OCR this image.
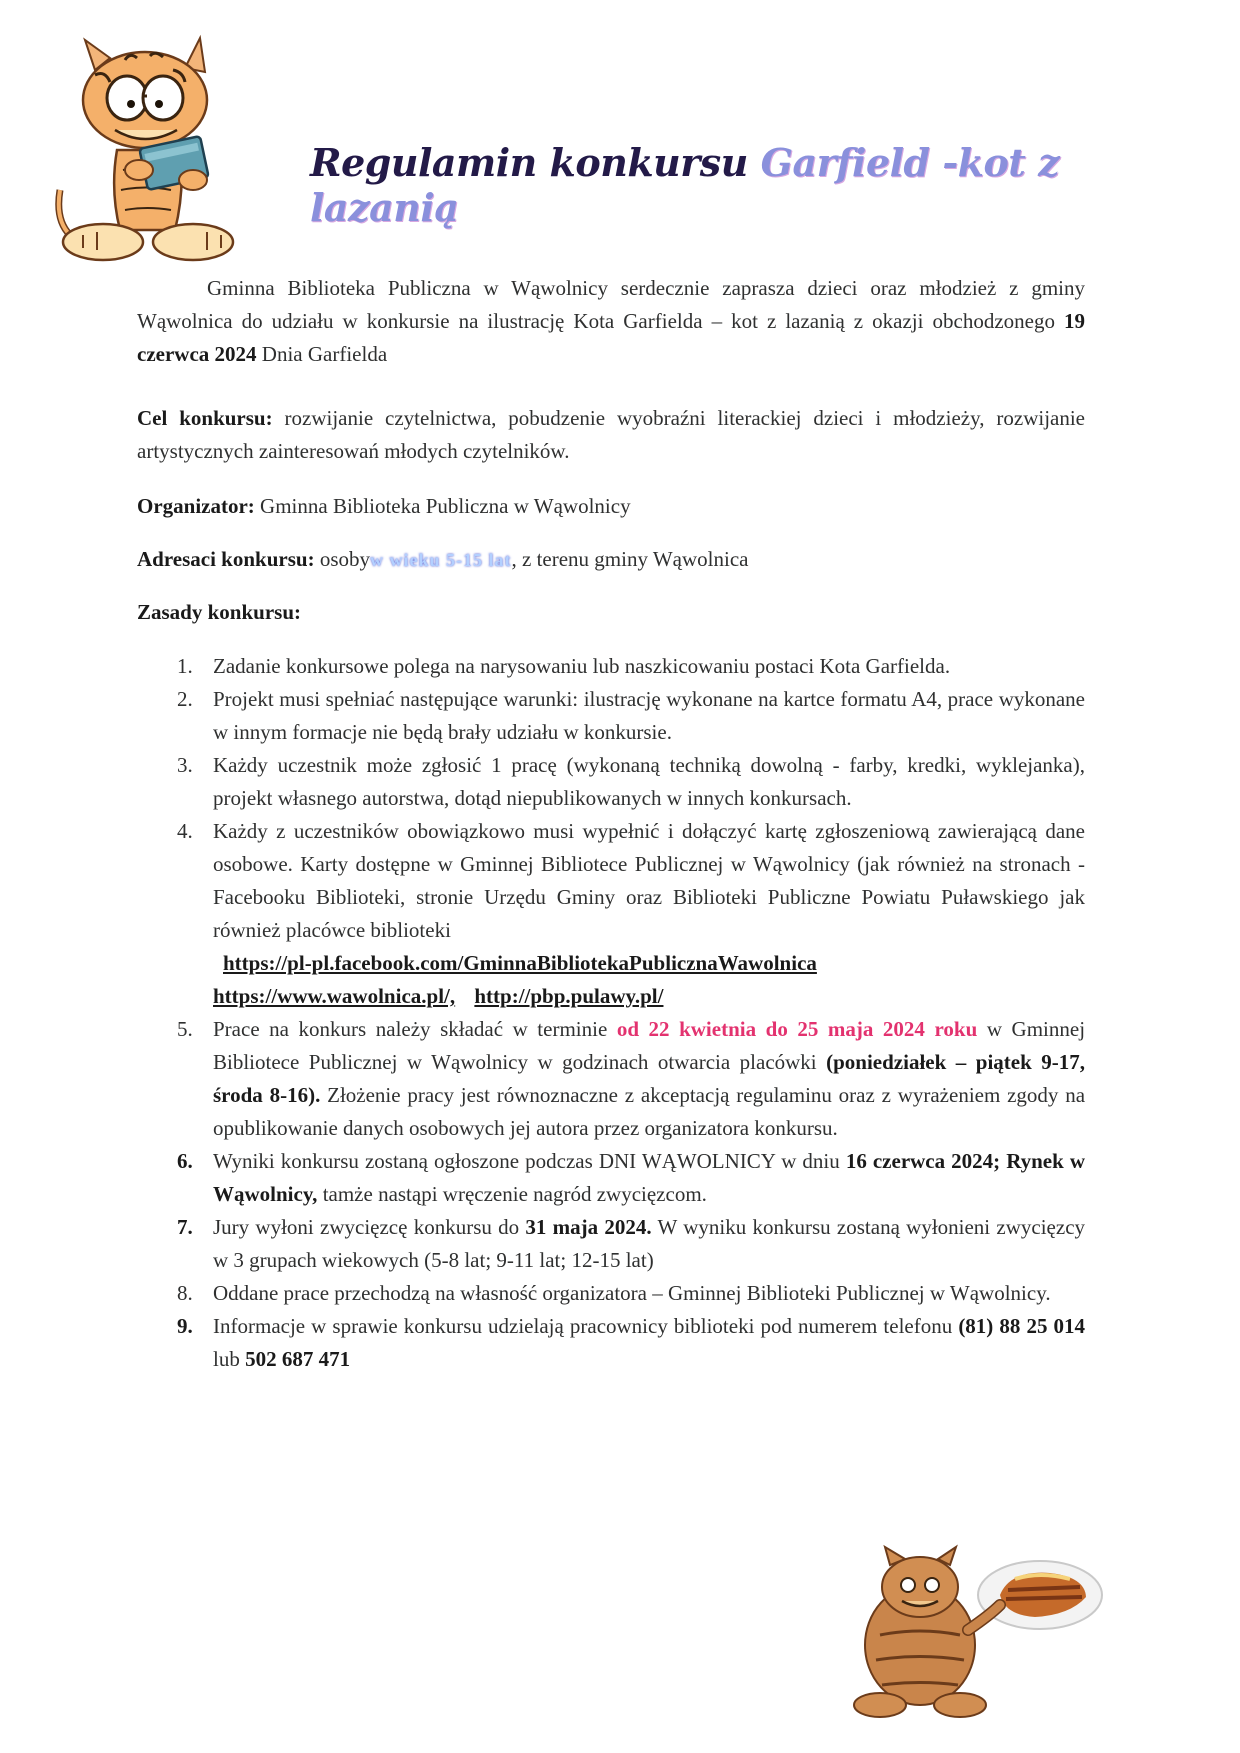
Regulamin konkursu Garfield -kot z lazanią

Gminna Biblioteka Publiczna w Wąwolnicy serdecznie zaprasza dzieci oraz młodzież z gminy Wąwolnica do udziału w konkursie na ilustrację Kota Garfielda – kot z lazanią z okazji obchodzonego 19 czerwca 2024 Dnia Garfielda

Cel konkursu: rozwijanie czytelnictwa, pobudzenie wyobraźni literackiej dzieci i młodzieży, rozwijanie artystycznych zainteresowań młodych czytelników.

Organizator: Gminna Biblioteka Publiczna w Wąwolnicy

Adresaci konkursu: osobyw wieku 5-15 lat, z terenu gminy Wąwolnica

Zasady konkursu:

1. Zadanie konkursowe polega na narysowaniu lub naszkicowaniu postaci Kota Garfielda.
2. Projekt musi spełniać następujące warunki: ilustrację wykonane na kartce formatu A4, prace wykonane w innym formacje nie będą brały udziału w konkursie.
3. Każdy uczestnik może zgłosić 1 pracę (wykonaną techniką dowolną - farby, kredki, wyklejanka), projekt własnego autorstwa, dotąd niepublikowanych w innych konkursach.
4. Każdy z uczestników obowiązkowo musi wypełnić i dołączyć kartę zgłoszeniową zawierającą dane osobowe. Karty dostępne w Gminnej Bibliotece Publicznej w Wąwolnicy (jak również na stronach - Facebooku Biblioteki, stronie Urzędu Gminy oraz Biblioteki Publiczne Powiatu Puławskiego jak również placówce biblioteki
https://pl-pl.facebook.com/GminnaBibliotekaPublicznaWawolnica
https://www.wawolnica.pl/, http://pbp.pulawy.pl/
5. Prace na konkurs należy składać w terminie od 22 kwietnia do 25 maja 2024 roku w Gminnej Bibliotece Publicznej w Wąwolnicy w godzinach otwarcia placówki (poniedziałek – piątek 9-17, środa 8-16). Złożenie pracy jest równoznaczne z akceptacją regulaminu oraz z wyrażeniem zgody na opublikowanie danych osobowych jej autora przez organizatora konkursu.
6. Wyniki konkursu zostaną ogłoszone podczas DNI WĄWOLNICY w dniu 16 czerwca 2024; Rynek w Wąwolnicy, tamże nastąpi wręczenie nagród zwycięzcom.
7. Jury wyłoni zwycięzcę konkursu do 31 maja 2024. W wyniku konkursu zostaną wyłonieni zwycięzcy w 3 grupach wiekowych (5-8 lat; 9-11 lat; 12-15 lat)
8. Oddane prace przechodzą na własność organizatora – Gminnej Biblioteki Publicznej w Wąwolnicy.
9. Informacje w sprawie konkursu udzielają pracownicy biblioteki pod numerem telefonu (81) 88 25 014 lub 502 687 471
